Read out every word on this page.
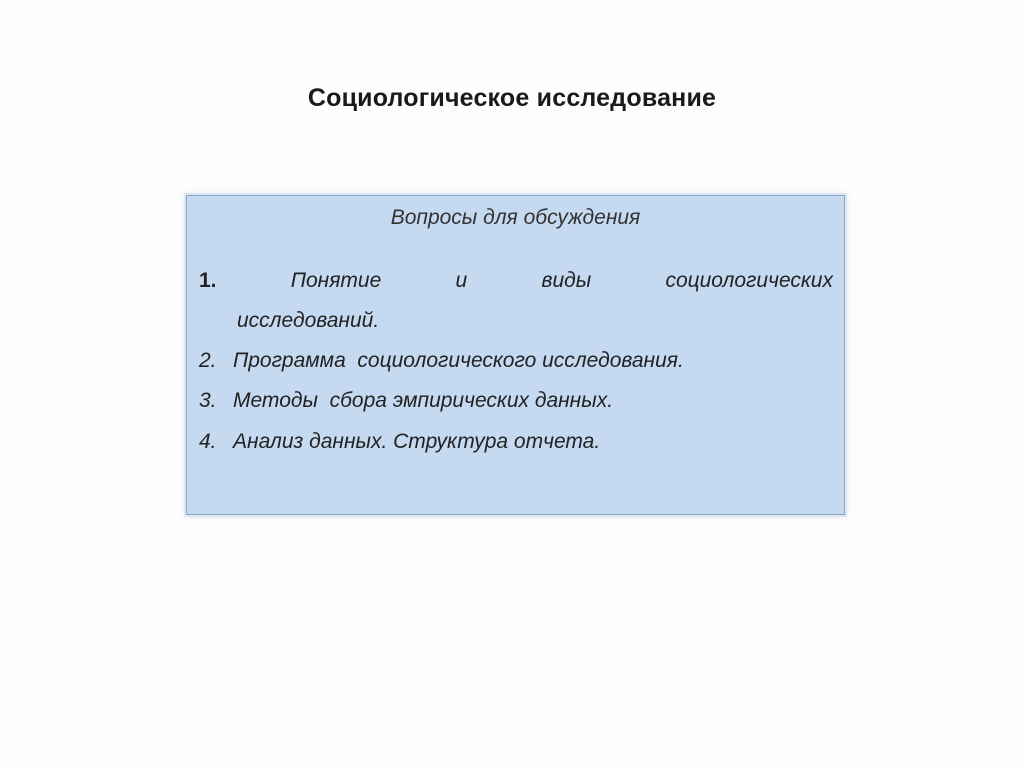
Социологическое исследование
Вопросы для обсуждения
1.	Понятие	и	виды	социологических
исследований.
2. Программа  социологического исследования.
3. Методы  сбора эмпирических данных.
4. Анализ данных. Структура отчета.
